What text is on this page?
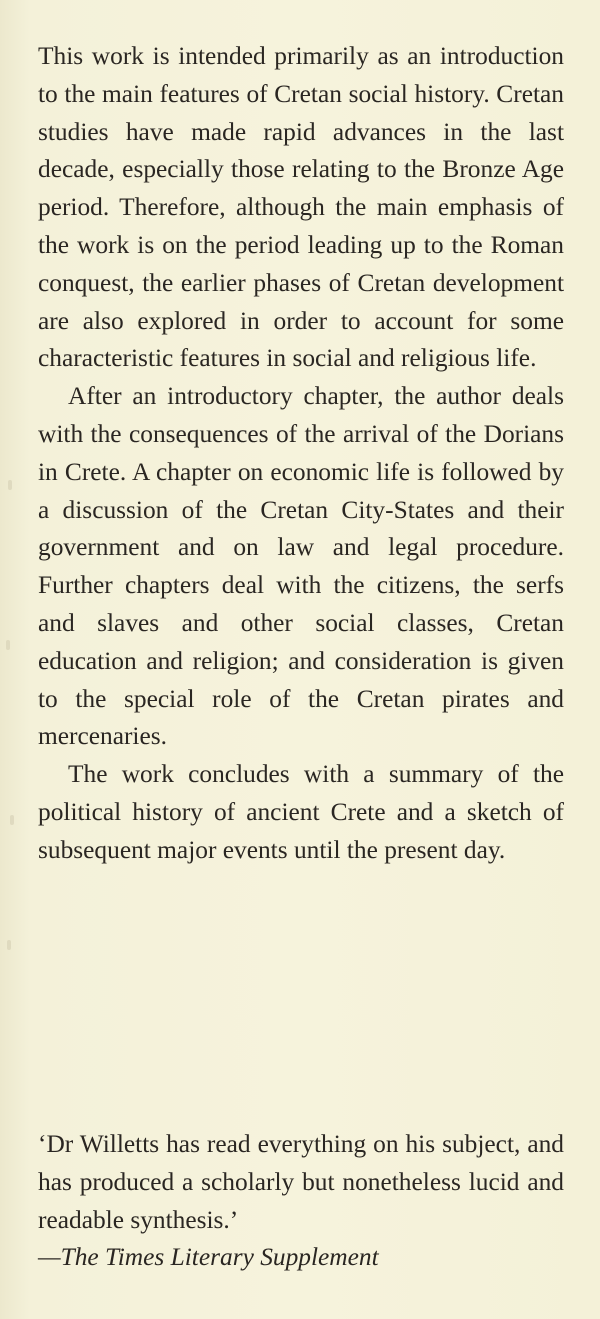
This work is intended primarily as an introduction to the main features of Cretan social history. Cretan studies have made rapid advances in the last decade, especially those relating to the Bronze Age period. Therefore, although the main emphasis of the work is on the period leading up to the Roman conquest, the earlier phases of Cretan development are also explored in order to account for some characteristic features in social and religious life.

After an introductory chapter, the author deals with the consequences of the arrival of the Dorians in Crete. A chapter on economic life is followed by a discussion of the Cretan City-States and their government and on law and legal procedure. Further chapters deal with the citizens, the serfs and slaves and other social classes, Cretan education and religion; and consideration is given to the special role of the Cretan pirates and mercenaries.

The work concludes with a summary of the political history of ancient Crete and a sketch of subsequent major events until the present day.

‘Dr Willetts has read everything on his subject, and has produced a scholarly but nonetheless lucid and readable synthesis.’

—The Times Literary Supplement
